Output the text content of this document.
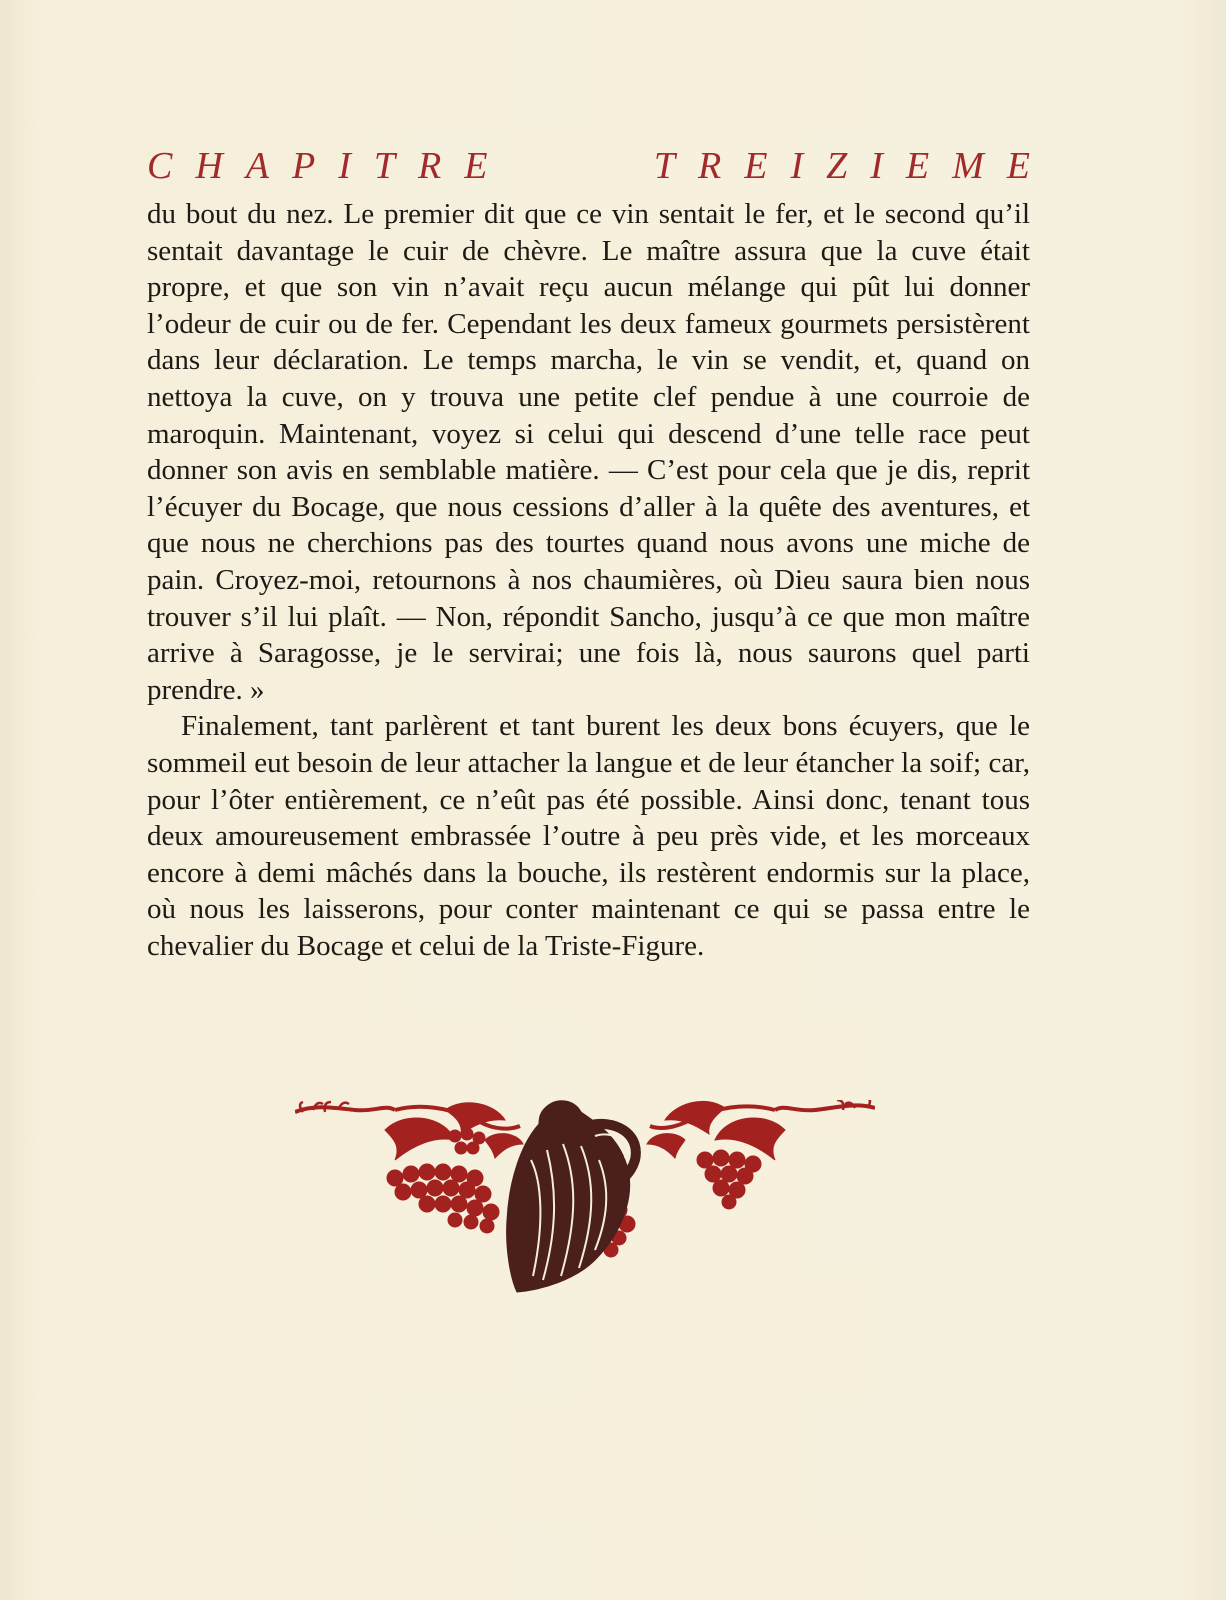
CHAPITRE	TREIZIEME

du bout du nez. Le premier dit que ce vin sentait le fer, et le second qu’il sentait davantage le cuir de chèvre. Le maître assura que la cuve était propre, et que son vin n’avait reçu aucun mélange qui pût lui donner l’odeur de cuir ou de fer. Cependant les deux fameux gourmets persistèrent dans leur déclaration. Le temps marcha, le vin se vendit, et, quand on nettoya la cuve, on y trouva une petite clef pendue à une courroie de maroquin. Maintenant, voyez si celui qui descend d’une telle race peut donner son avis en semblable matière. — C’est pour cela que je dis, reprit l’écuyer du Bocage, que nous cessions d’aller à la quête des aventures, et que nous ne cherchions pas des tourtes quand nous avons une miche de pain. Croyez-moi, retournons à nos chaumières, où Dieu saura bien nous trouver s’il lui plaît. — Non, répondit Sancho, jusqu’à ce que mon maître arrive à Saragosse, je le servirai; une fois là, nous saurons quel parti prendre. »

Finalement, tant parlèrent et tant burent les deux bons écuyers, que le sommeil eut besoin de leur attacher la langue et de leur étancher la soif; car, pour l’ôter entièrement, ce n’eût pas été possible. Ainsi donc, tenant tous deux amoureusement embrassée l’outre à peu près vide, et les morceaux encore à demi mâchés dans la bouche, ils restèrent endormis sur la place, où nous les laisserons, pour conter maintenant ce qui se passa entre le chevalier du Bocage et celui de la Triste-Figure.
